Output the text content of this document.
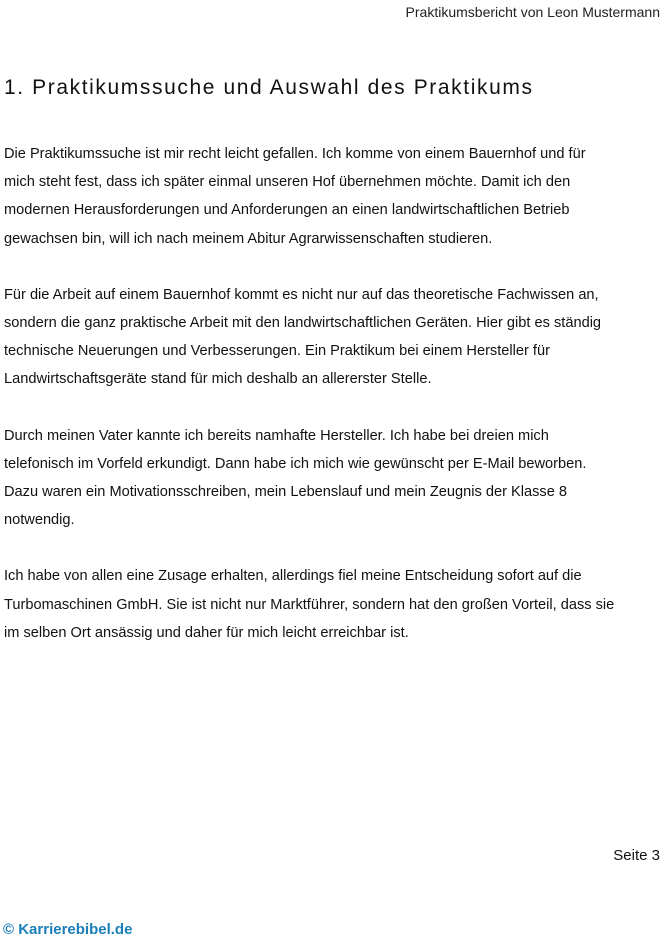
Praktikumsbericht von Leon Mustermann
1. Praktikumssuche und Auswahl des Praktikums

Die Praktikumssuche ist mir recht leicht gefallen. Ich komme von einem Bauernhof und für
mich steht fest, dass ich später einmal unseren Hof übernehmen möchte. Damit ich den
modernen Herausforderungen und Anforderungen an einen landwirtschaftlichen Betrieb
gewachsen bin, will ich nach meinem Abitur Agrarwissenschaften studieren.

Für die Arbeit auf einem Bauernhof kommt es nicht nur auf das theoretische Fachwissen an,
sondern die ganz praktische Arbeit mit den landwirtschaftlichen Geräten. Hier gibt es ständig
technische Neuerungen und Verbesserungen. Ein Praktikum bei einem Hersteller für
Landwirtschaftsgeräte stand für mich deshalb an allererster Stelle.

Durch meinen Vater kannte ich bereits namhafte Hersteller. Ich habe bei dreien mich
telefonisch im Vorfeld erkundigt. Dann habe ich mich wie gewünscht per E-Mail beworben.
Dazu waren ein Motivationsschreiben, mein Lebenslauf und mein Zeugnis der Klasse 8
notwendig.

Ich habe von allen eine Zusage erhalten, allerdings fiel meine Entscheidung sofort auf die
Turbomaschinen GmbH. Sie ist nicht nur Marktführer, sondern hat den großen Vorteil, dass sie
im selben Ort ansässig und daher für mich leicht erreichbar ist.

Seite 3
© Karrierebibel.de
